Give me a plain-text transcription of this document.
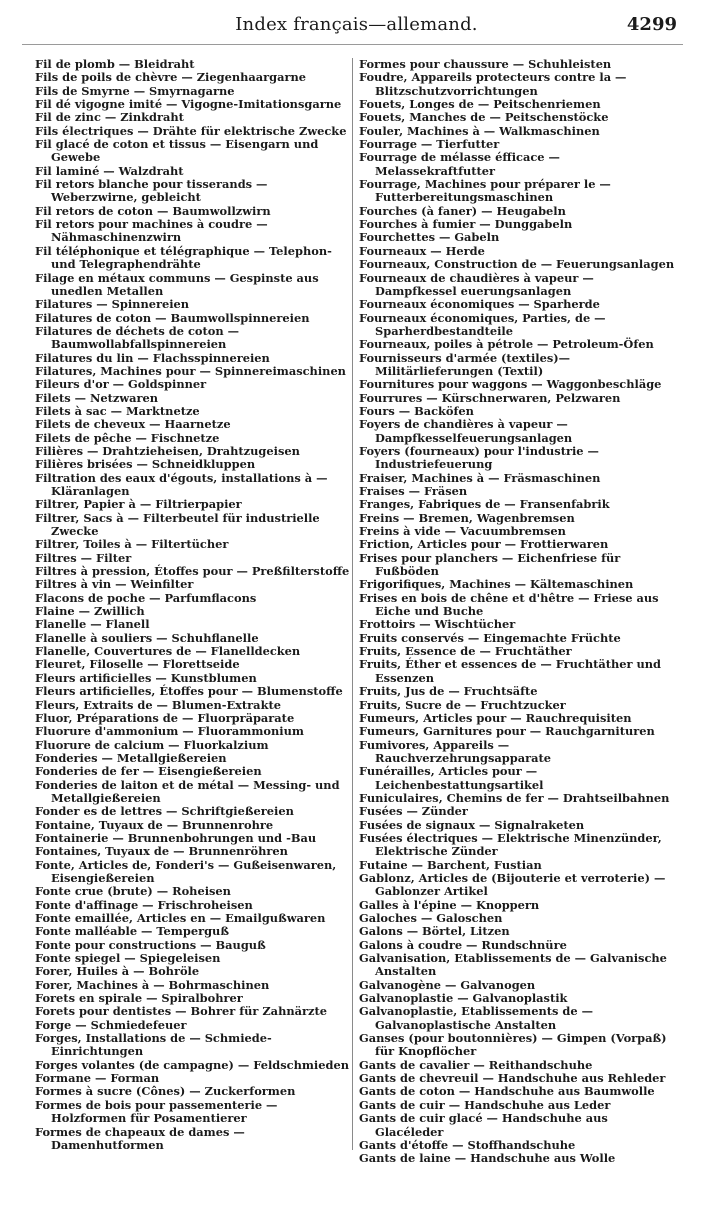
Index français—allemand.	4299

Fil de plomb — Bleidraht

Fils de poils de chèvre — Ziegenhaargarne

Fils de Smyrne — Smyrnagarne

Fil dé vigogne imité — Vigogne-Imitationsgarne

Fil de zinc — Zinkdraht

Fils électriques — Drähte für elektrische Zwecke

Fil glacé de coton et tissus — Eisengarn und Gewebe

Fil laminé — Walzdraht

Fil retors blanche pour tisserands — Weberzwirne, gebleicht

Fil retors de coton — Baumwollzwirn

Fil retors pour machines à coudre — Nähmaschinenzwirn

Fil téléphonique et télégraphique — Telephon- und Telegraphendrähte

Filage en métaux communs — Gespinste aus unedlen Metallen

Filatures — Spinnereien

Filatures de coton — Baumwollspinnereien

Filatures de déchets de coton — Baumwollabfallspinnereien

Filatures du lin — Flachsspinnereien

Filatures, Machines pour — Spinnereimaschinen

Fileurs d'or — Goldspinner

Filets — Netzwaren

Filets à sac — Marktnetze

Filets de cheveux — Haarnetze

Filets de pêche — Fischnetze

Filières — Drahtziehеisen, Drahtzugeisen

Filières brisées — Schneidkluppen

Filtration des eaux d'égouts, installations à — Kläranlagen

Filtrer, Papier à — Filtrierpapier

Filtrer, Sacs à — Filterbeutel für industrielle Zwecke

Filtrer, Toiles à — Filtertücher

Filtres — Filter

Filtres à pression, Étoffes pour — Preßfilterstoffe

Filtres à vin — Weinfilter

Flacons de poche — Parfumflacons

Flaine — Zwillich

Flanelle — Flanell

Flanelle à souliers — Schuhflanelle

Flanelle, Couvertures de — Flanelldecken

Fleuret, Filoselle — Florettseide

Fleurs artificielles — Kunstblumen

Fleurs artificielles, Étoffes pour — Blumenstoffe

Fleurs, Extraits de — Blumen-Extrakte

Fluor, Préparations de — Fluorpräparate

Fluorure d'ammonium — Fluorammonium

Fluorure de calcium — Fluorkalzium

Fonderies — Metallgießereien

Fonderies de fer — Eisengießereien

Fonderies de laiton et de métal — Messing- und Metallgießereien

Fonder es de lettres — Schriftgießereien

Fontaine, Tuyaux de — Brunnenrohre

Fontainerie — Brunnenbohrungen und -Bau

Fontaines, Tuyaux de — Brunnenröhren

Fonte, Articles de, Fonderi's — Gußeisenwaren, Eisengießereien

Fonte crue (brute) — Roheisen

Fonte d'affinage — Frischroheisen

Fonte emaillée, Articles en — Emailgußwaren

Fonte malléable — Temperguß

Fonte pour constructions — Bauguß

Fonte spiegel — Spiegeleisen

Forer, Huiles à — Bohröle

Forer, Machines à — Bohrmaschinen

Forets en spirale — Spiralbohrer

Forets pour dentistes — Bohrer für Zahnärzte

Forge — Schmiedefeuer

Forges, Installations de — Schmiede-Einrichtungen

Forges volantes (de campagne) — Feldschmieden

Formane — Forman

Formes à sucre (Cônes) — Zuckerformen

Formes de bois pour passementerie — Holzformen für Posamentierer

Formes de chapeaux de dames — Damenhutformen

Formes pour chaussure — Schuhleisten

Foudre, Appareils protecteurs contre la — Blitzschutzvorrichtungen

Fouets, Longes de — Peitschenriemen

Fouets, Manches de — Peitschenstöcke

Fouler, Machines à — Walkmaschinen

Fourrage — Tierfutter

Fourrage de mélasse éfficace — Melassekraftfutter

Fourrage, Machines pour préparer le — Futterbereitungsmaschinen

Fourches (à faner) — Heugabeln

Fourches à fumier — Dunggabeln

Fourchettes — Gabeln

Fourneaux — Herde

Fourneaux, Construction de — Feuerungsanlagen

Fourneaux de chaudières à vapeur — Dampfkessel euerungsanlagen

Fourneaux économiques — Sparherde

Fourneaux économiques, Parties, de — Sparherdbestandteile

Fourneaux, poiles à pétrole — Petroleum-Öfen

Fournisseurs d'armée (textiles)—Militärlieferungen (Textil)

Fournitures pour waggons — Waggonbeschläge

Fourrures — Kürschnerwaren, Pelzwaren

Fours — Backöfen

Foyers de chandières à vapeur — Dampfkesselfeuerungsanlagen

Foyers (fourneaux) pour l'industrie — Industriefeuerung

Fraiser, Machines à — Fräsmaschinen

Fraises — Fräsen

Franges, Fabriques de — Fransenfabrik

Freins — Bremen, Wagenbremsen

Freins à vide — Vacuumbremsen

Friction, Articles pour — Frottierwaren

Frises pour planchers — Eichenfriese für Fußböden

Frigorifiques, Machines — Kältemaschinen

Frises en bois de chêne et d'hêtre — Friese aus Eiche und Buche

Frottoirs — Wischtücher

Fruits conservés — Eingemachte Früchte

Fruits, Essence de — Fruchtäther

Fruits, Éther et essences de — Fruchtäther und Essenzen

Fruits, Jus de — Fruchtsäfte

Fruits, Sucre de — Fruchtzucker

Fumeurs, Articles pour — Rauchrequisiten

Fumeurs, Garnitures pour — Rauchgarnituren

Fumivores, Appareils — Rauchverzehrungsapparate

Funérailles, Articles pour — Leichenbestattungsartikel

Funiculaires, Chemins de fer — Drahtseilbahnen

Fusées — Zünder

Fusées de signaux — Signalraketen

Fusées électriques — Elektrische Minenzünder, Elektrische Zünder

Futaine — Barchent, Fustian

Gablonz, Articles de (Bijouterie et verroterie) — Gablonzer Artikel

Galles à l'épine — Knoppern

Galoches — Galoschen

Galons — Börtel, Litzen

Galons à coudre — Rundschnüre

Galvanisation, Etablissements de — Galvanische Anstalten

Galvanogène — Galvanogen

Galvanoplastie — Galvanoplastik

Galvanoplastie, Etablissements de — Galvanoplastische Anstalten

Ganses (pour boutonnières) — Gimpen (Vorpaß) für Knopflöcher

Gants de cavalier — Reithandschuhe

Gants de chevreuil — Handschuhe aus Rehleder

Gants de coton — Handschuhe aus Baumwolle

Gants de cuir — Handschuhe aus Leder

Gants de cuir glacé — Handschuhe aus Glacéleder

Gants d'étoffe — Stoffhandschuhe

Gants de laine — Handschuhe aus Wolle
